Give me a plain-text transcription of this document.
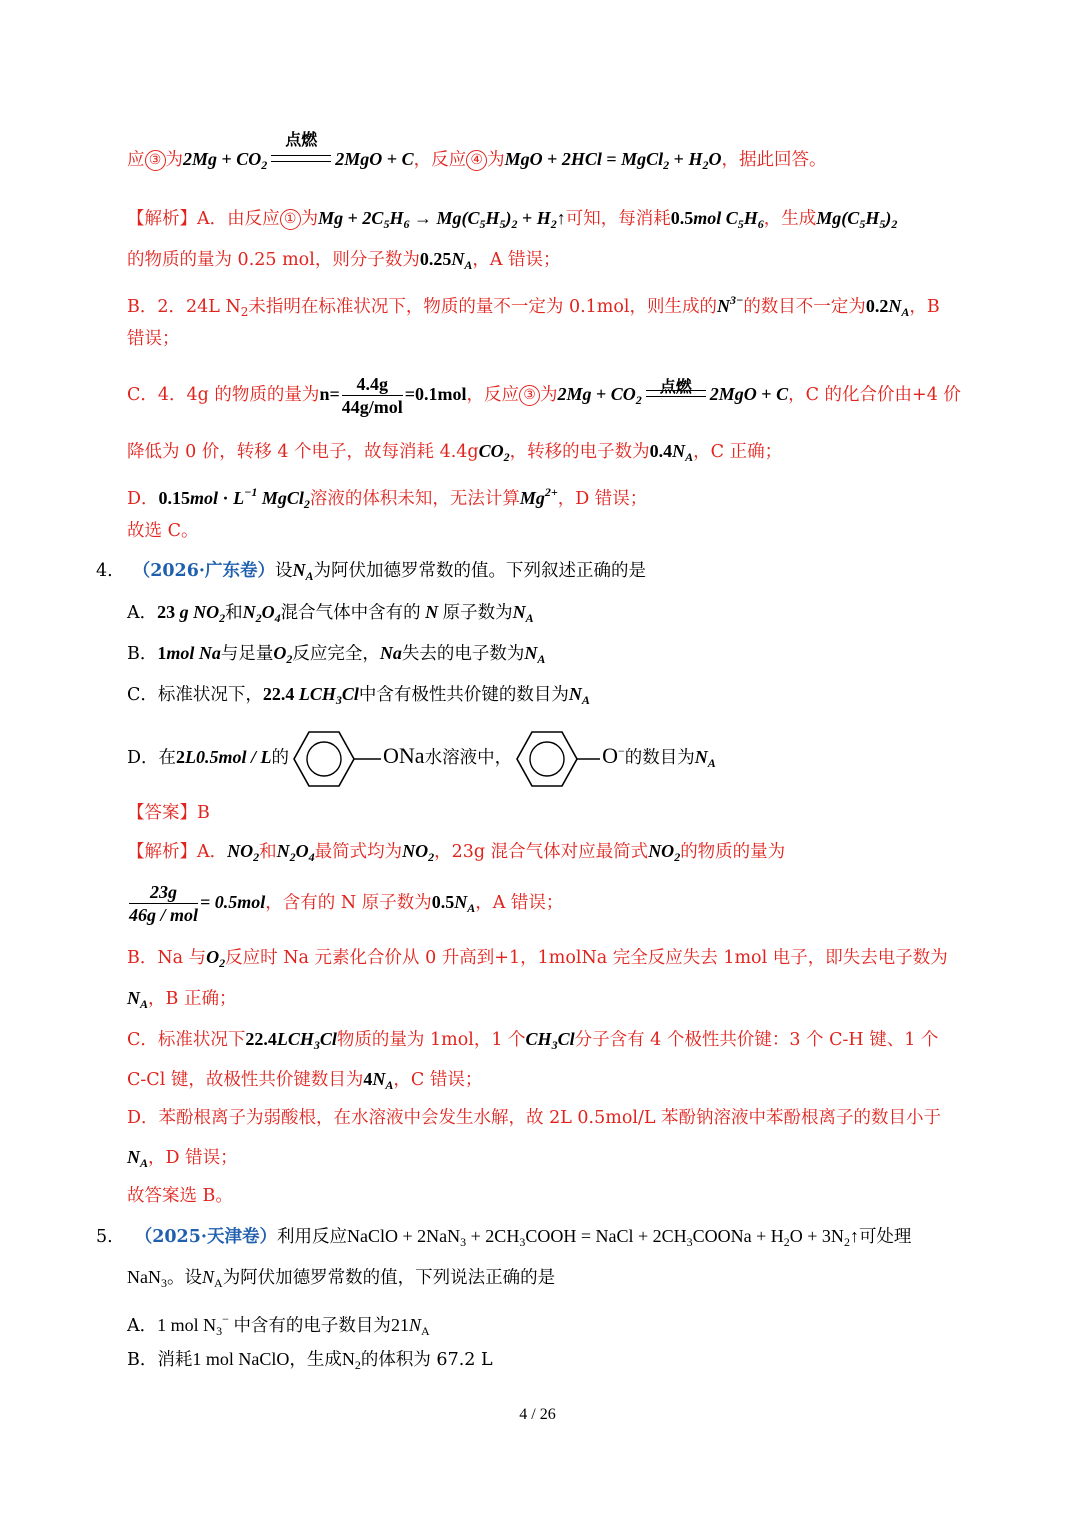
应 ③ 为$2Mg + CO_2$
点燃
2MgO + C，反应 ④ 为MgO + 2HCl = MgCl$_2$ + $H_2O$，据此回答。
【解析】A．由反应 ① 为$Mg + 2C_5H_6 \to Mg(C_5H_5)_2$ + $H_2↑$可知，每消耗0.5mol $C_5H_6$，生成$Mg(C_5H_5)_2$
的物质的量为 0.25 mol，则分子数为$0.25N_A$，A 错误；
B．2．24L $N_2$未指明在标准状况下，物质的量不一定为 0.1mol，则生成的$N^{3-}$的数目不一定为$0.2N_A$，B
错误；
C．4．4g 的物质的量为$n= \frac{4.4g}{\text{44g/mol}} =0.1mol$，反应 ③ 为$2Mg + CO_2$
点燃	2MgO + C，C 的化合价由+4 价
降低为 0 价，转移 4 个电子，故每消耗 4.4gCO$_2$，转移的电子数为$0.4N_A$，C 正确；
D．$0.15mol \cdot L^{-1}$ MgCl$_2$溶液的体积未知，无法计算$Mg^{2+}$，D 错误；
故选 C。
4. （2026·广东卷）设$N_A$为阿伏加德罗常数的值。下列叙述正确的是
A．23 g $NO_2$和$N_2O_4$混合气体中含有的 N 原子数为$N_A$
B．1mol Na与足量$O_2$反应完全，Na失去的电子数为$N_A$
C．标准状况下，22.4 $LCH_3Cl$中含有极性共价键的数目为$N_A$
D．在2L0.5mol / L的	ONa水溶液中，	O−的数目为$N_A$
【答案】B
【解析】A．$NO_2$和$N_2O_4$最简式均为$NO_2$，23g 混合气体对应最简式$NO_2$的物质的量为
$\frac{23g}{\text{46g / mol}} = 0.5mol$，含有的 N 原子数为$0.5N_A$，A 错误；
B．Na 与$O_2$反应时 Na 元素化合价从 0 升高到+1，1molNa 完全反应失去 1mol 电子，即失去电子数为
$N_A$，B 正确；
C．标准状况下$22.4LCH_3Cl$物质的量为 1mol，1 个$CH_3Cl$分子含有 4 个极性共价键：3 个 C-H 键、1 个
C-Cl 键，故极性共价键数目为$4N_A$，C 错误；
D．苯酚根离子为弱酸根，在水溶液中会发生水解，故 2L 0.5mol/L 苯酚钠溶液中苯酚根离子的数目小于
$N_A$，D 错误；
故答案选 B。
5. （2025·天津卷）利用反应NaClO + $2NaN_3 + 2CH_3COOH$ = NaCl + $2CH_3COONa + H_2O$ + $3N_2↑$可处理
NaN$_3$。设$N_A$为阿伏加德罗常数的值，下列说法正确的是
A．1 mol $N_3^-$ 中含有的电子数目为$21N_A$
B．消耗1 mol NaClO，生成$N_2$的体积为 67.2 L
4 / 26
